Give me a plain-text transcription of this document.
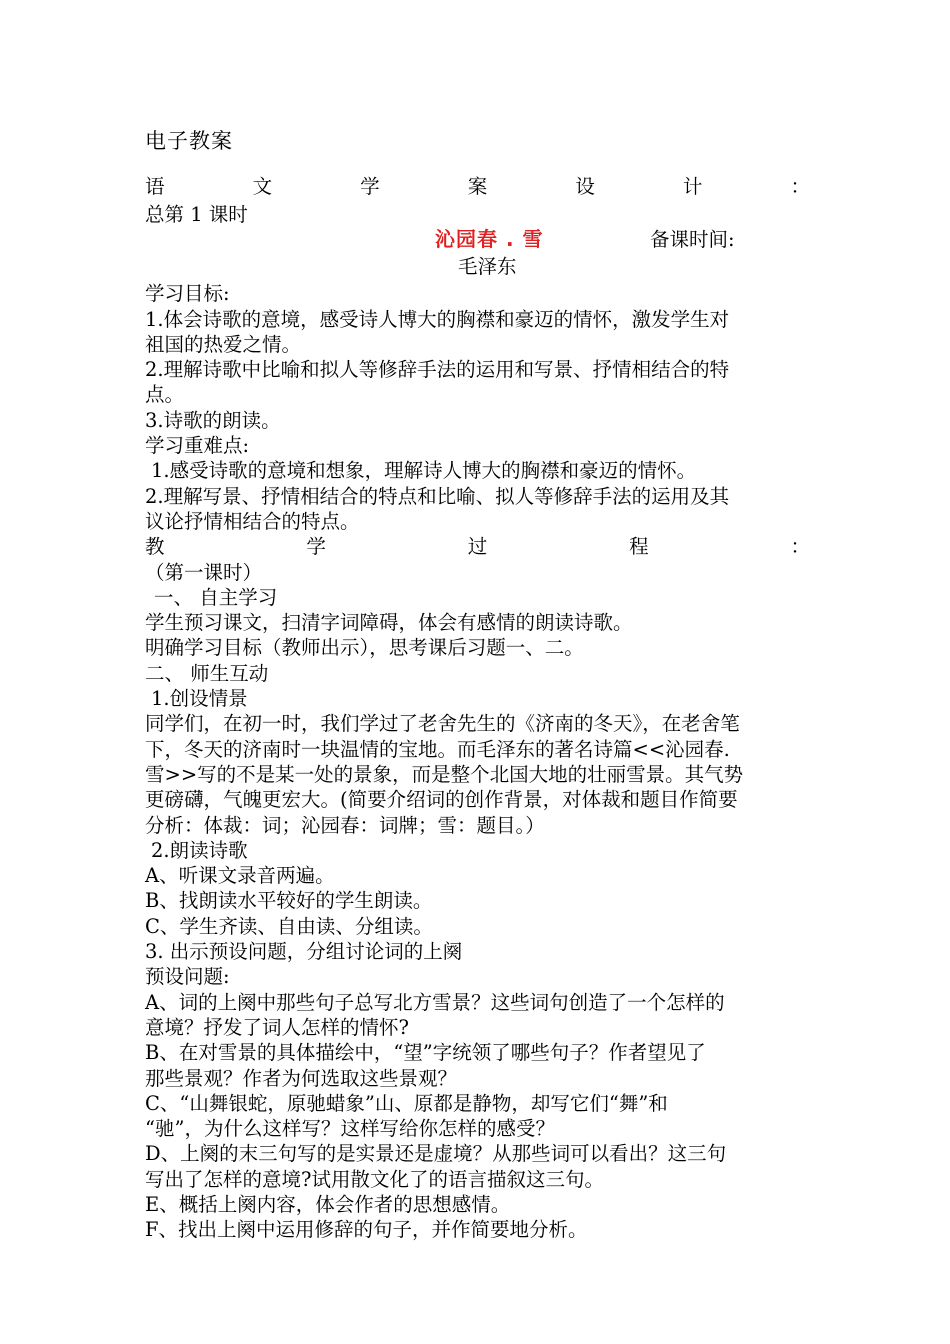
电子教案
语	文	学	案	设	计	：
总第 1 课时
沁园春 . 雪	备课时间:
毛泽东
学习目标:
1.体会诗歌的意境，感受诗人博大的胸襟和豪迈的情怀，激发学生对
祖国的热爱之情。
2.理解诗歌中比喻和拟人等修辞手法的运用和写景、抒情相结合的特
点。
3.诗歌的朗读。
学习重难点:
1.感受诗歌的意境和想象，理解诗人博大的胸襟和豪迈的情怀。
2.理解写景、抒情相结合的特点和比喻、拟人等修辞手法的运用及其
议论抒情相结合的特点。
教	学	过	程	：
（第一课时）
一、 自主学习
学生预习课文，扫清字词障碍，体会有感情的朗读诗歌。
明确学习目标（教师出示），思考课后习题一、二。
二、 师生互动
1.创设情景
同学们，在初一时，我们学过了老舍先生的《济南的冬天》，在老舍笔
下，冬天的济南时一块温情的宝地。而毛泽东的著名诗篇<<沁园春.
雪>>写的不是某一处的景象，而是整个北国大地的壮丽雪景。其气势
更磅礴，气魄更宏大。(简要介绍词的创作背景，对体裁和题目作简要
分析：体裁：词；沁园春：词牌；雪：题目。）
2.朗读诗歌
A、听课文录音两遍。
B、找朗读水平较好的学生朗读。
C、学生齐读、自由读、分组读。
3. 出示预设问题，分组讨论词的上阕
预设问题:
A、词的上阕中那些句子总写北方雪景？这些词句创造了一个怎样的
意境？抒发了词人怎样的情怀?
B、在对雪景的具体描绘中，“望”字统领了哪些句子？作者望见了
那些景观？作者为何选取这些景观？
C、“山舞银蛇，原驰蜡象”山、原都是静物，却写它们“舞”和
“驰”，为什么这样写？这样写给你怎样的感受？
D、上阕的末三句写的是实景还是虚境？从那些词可以看出？这三句
写出了怎样的意境?试用散文化了的语言描叙这三句。
E、概括上阕内容，体会作者的思想感情。
F、找出上阕中运用修辞的句子，并作简要地分析。
